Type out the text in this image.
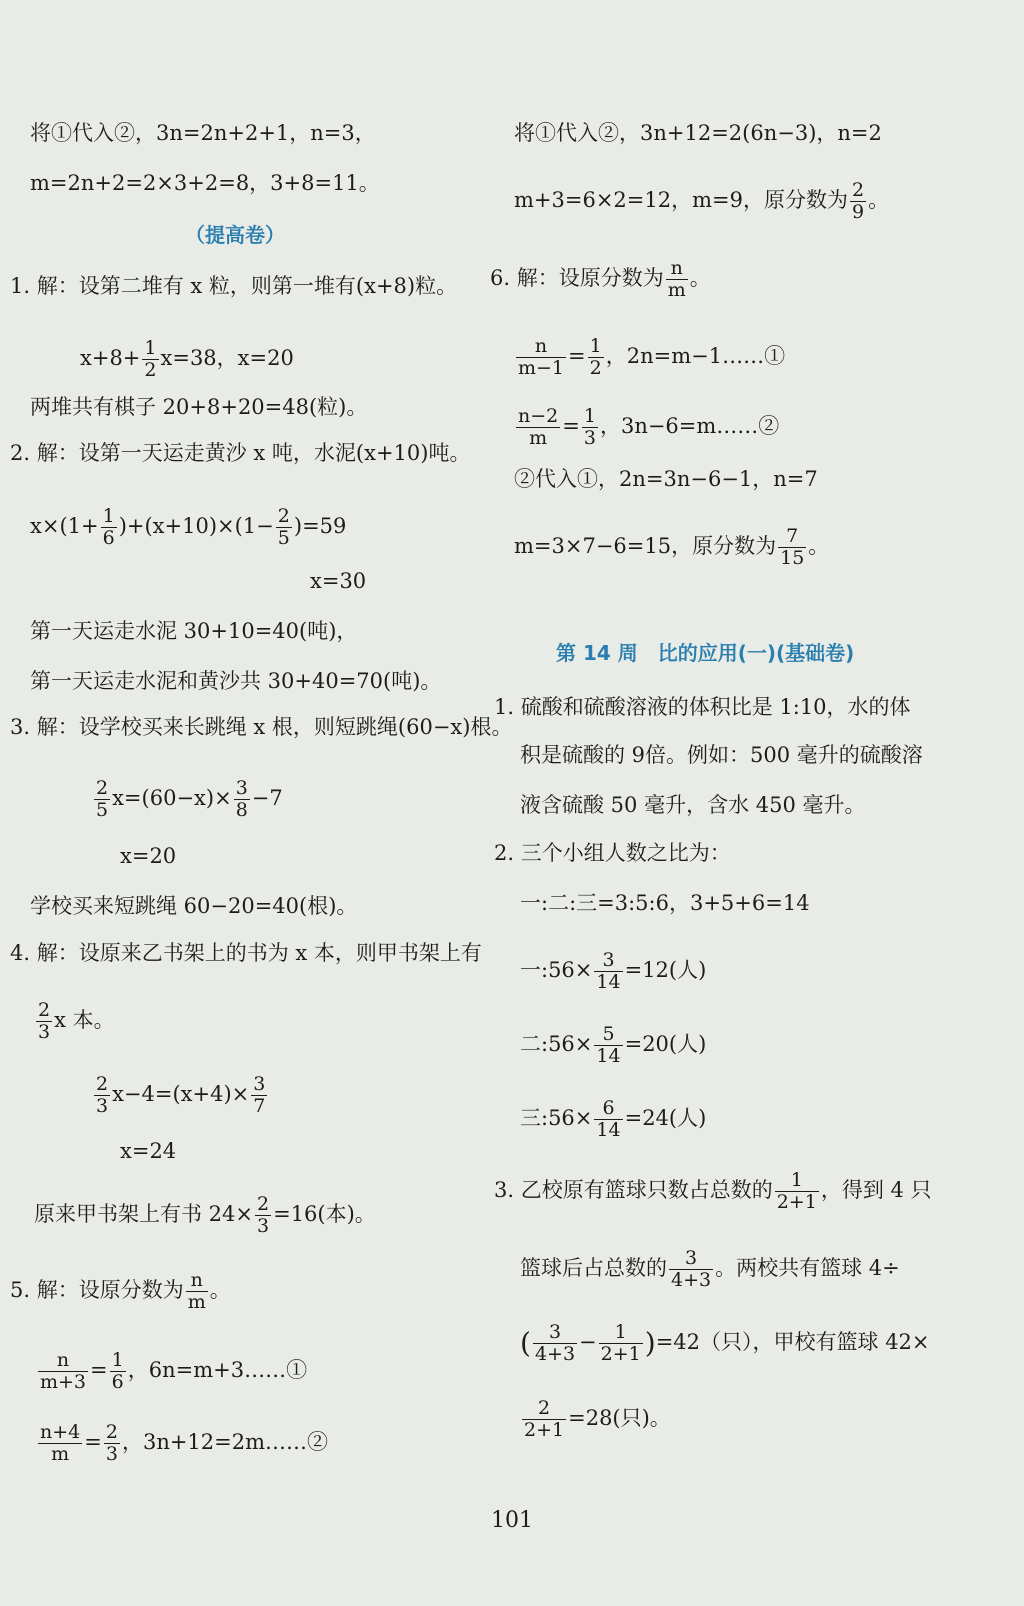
将①代入②，3n=2n+2+1，n=3，
m=2n+2=2×3+2=8，3+8=11。
（提高卷）
1. 解：设第二堆有 x 粒，则第一堆有(x+8)粒。
$x+8+ \frac{1}{2} x=38$，x=20
两堆共有棋子 20+8+20=48(粒)。
2. 解：设第一天运走黄沙 x 吨，水泥(x+10)吨。
$x\times(1+ \frac{1}{6} )+(x+10)\times(1- \frac{2}{5} )=59$
x=30
第一天运走水泥 30+10=40(吨)，
第一天运走水泥和黄沙共 30+40=70(吨)。
3. 解：设学校买来长跳绳 x 根，则短跳绳(60−x)根。
$\frac{2}{5} x=(60-x)\times \frac{3}{8} -7$
x=20
学校买来短跳绳 60−20=40(根)。
4. 解：设原来乙书架上的书为 x 本，则甲书架上有
$\frac{2}{3}$ x 本。
$\frac{2}{3} x-4=(x+4)\times \frac{3}{7}$
x=24
原来甲书架上有书 $24\times \frac{2}{3} =16$(本)。
5. 解：设原分数为 $\frac{n}{m}$ 。
$\frac{n}{m+3} = \frac{1}{6}$ ，6n=m+3……①
$\frac{n+4}{m} = \frac{2}{3}$ ，3n+12=2m……②
将①代入②，3n+12=2(6n−3)，n=2
m+3=6×2=12，m=9，原分数为 $\frac{2}{9}$ 。
6. 解：设原分数为 $\frac{n}{m}$ 。
$\frac{n}{m-1} = \frac{1}{2}$ ，2n=m−1……①
$\frac{n-2}{m} = \frac{1}{3}$ ，3n−6=m……②
②代入①，2n=3n−6−1，n=7
m=3×7−6=15，原分数为 $\frac{7}{15}$ 。
第 14 周　比的应用(一)(基础卷)
1. 硫酸和硫酸溶液的体积比是 1:10，水的体
积是硫酸的 9倍。例如：500 毫升的硫酸溶
液含硫酸 50 毫升，含水 450 毫升。
2. 三个小组人数之比为：
一:二:三=3:5:6，3+5+6=14
一:56× $\frac{3}{14} =12$(人)
二:56× $\frac{5}{14} =20$(人)
三:56× $\frac{6}{14} =24$(人)
3. 乙校原有篮球只数占总数的 $\frac{1}{2+1}$ ，得到 4 只
篮球后占总数的 $\frac{3}{4+3}$ 。两校共有篮球 4÷
( $\frac{3}{4+3} - \frac{1}{2+1} )=42$（只），甲校有篮球 42×
$\frac{2}{2+1} =28$(只)。
101
